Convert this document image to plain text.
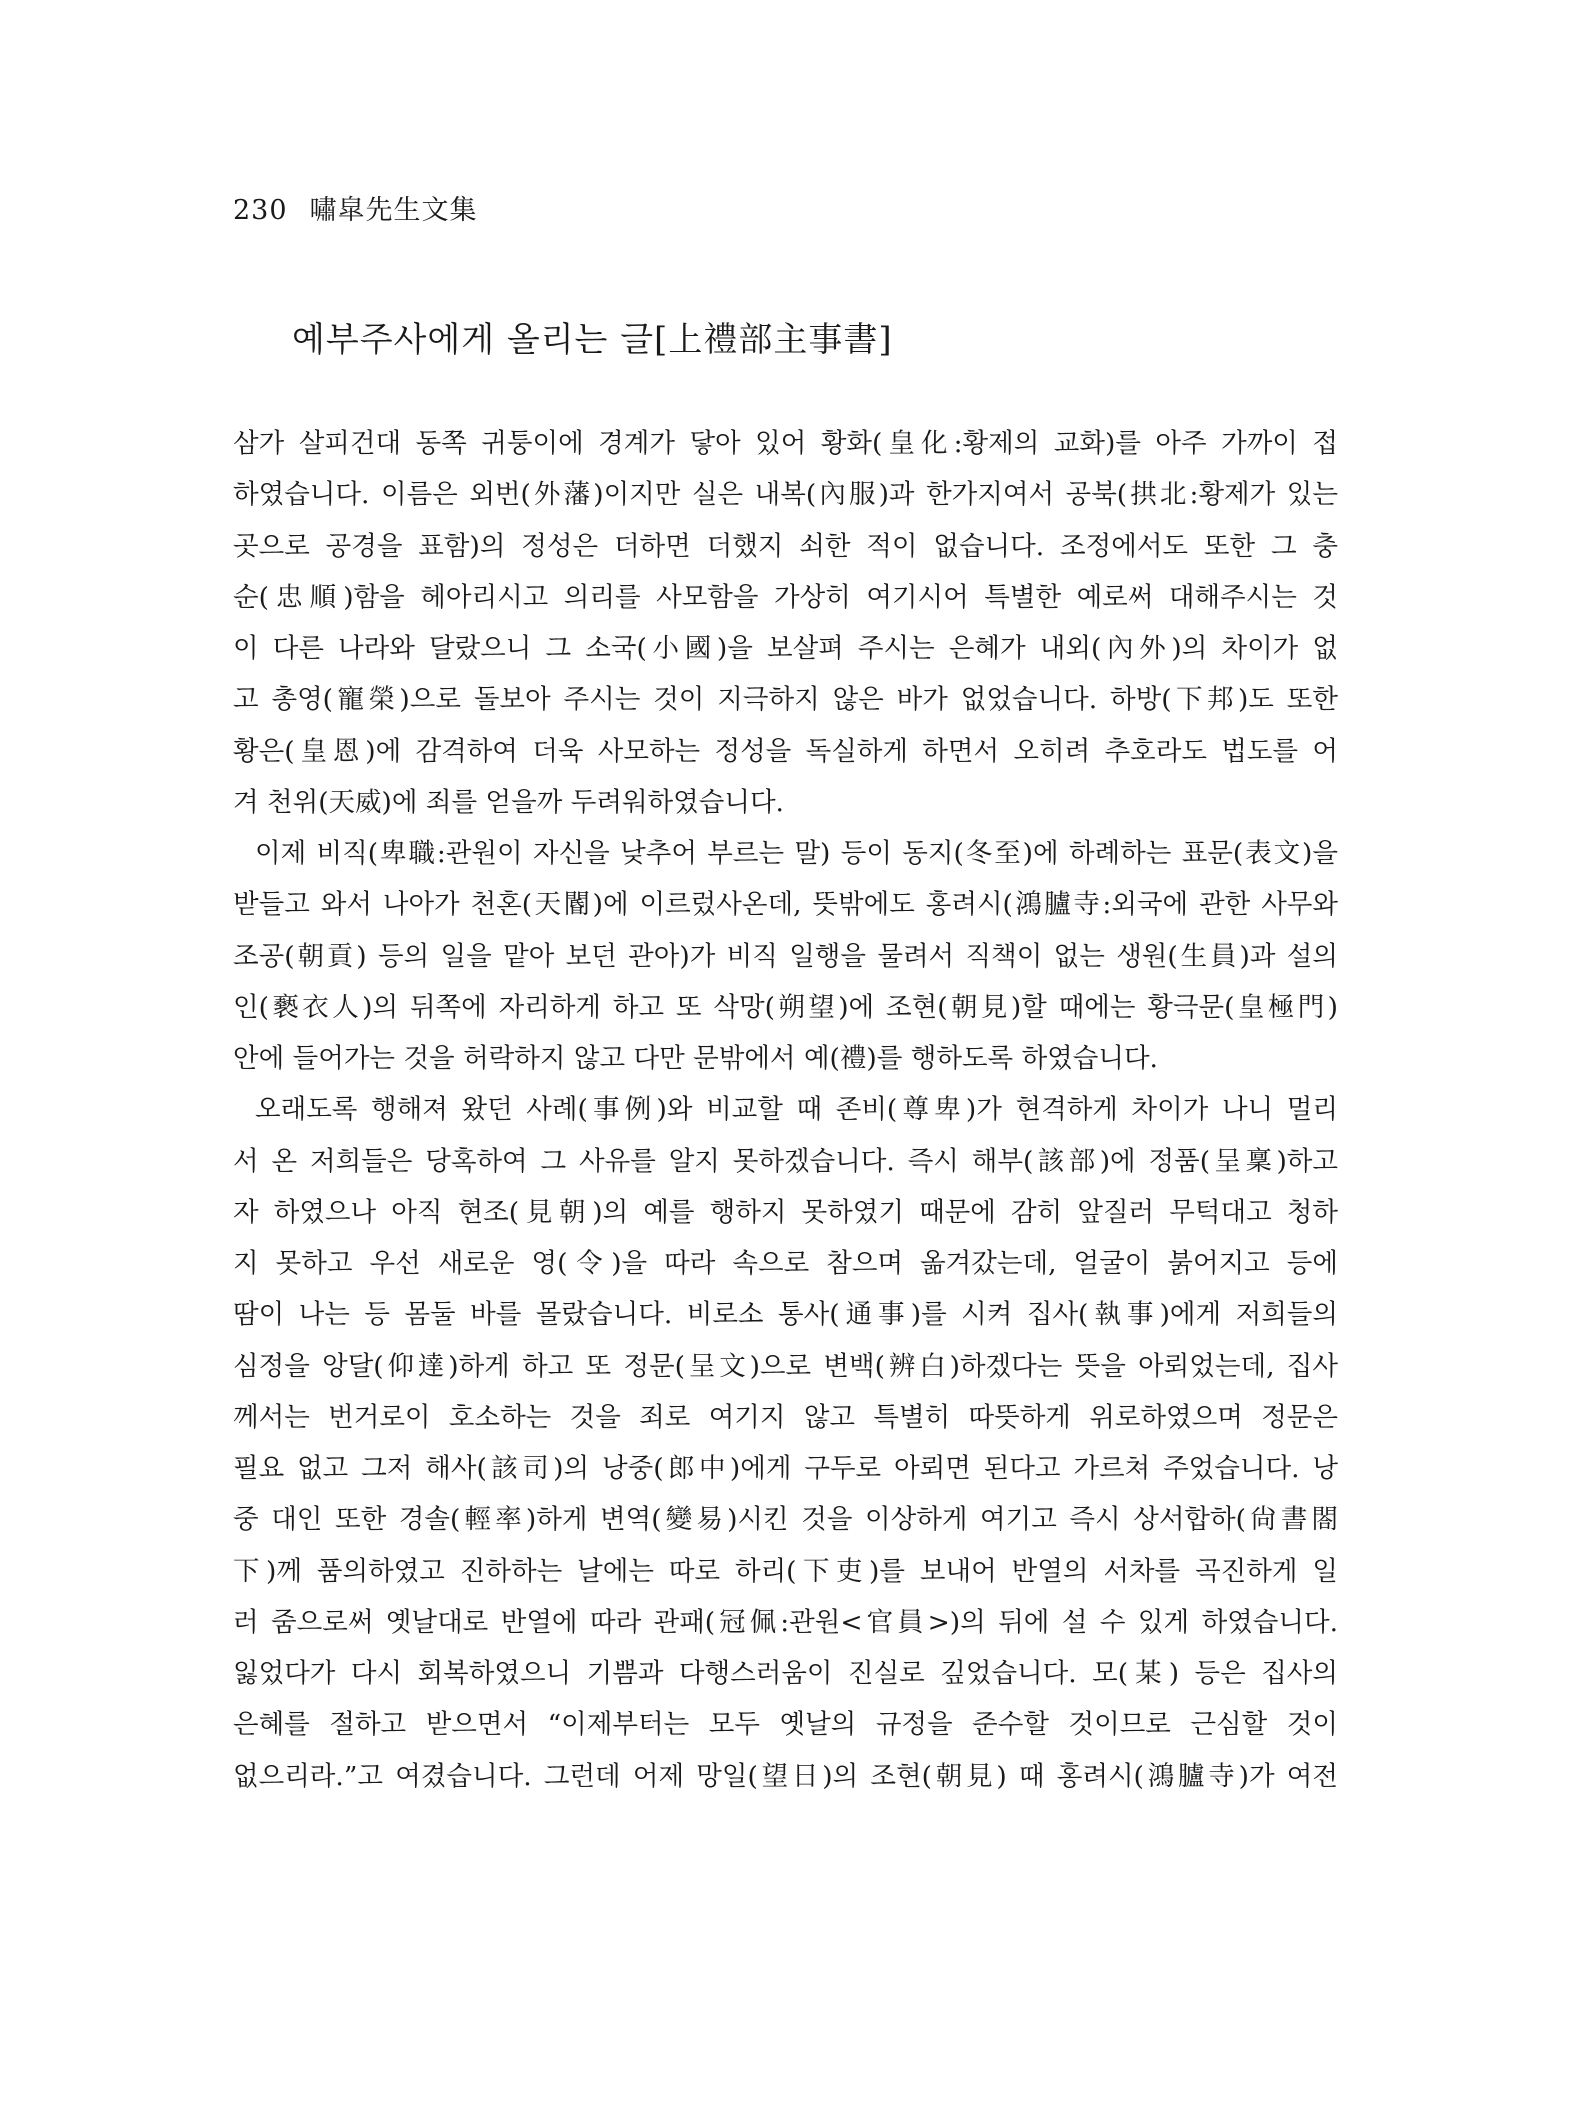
230 嘯皐先生文集
예부주사에게 올리는 글[上禮部主事書]
삼가 살피건대 동쪽 귀퉁이에 경계가 닿아 있어 황화(皇化:황제의 교화)를 아주 가까이 접
하였습니다. 이름은 외번(外藩)이지만 실은 내복(內服)과 한가지여서 공북(拱北:황제가 있는
곳으로 공경을 표함)의 정성은 더하면 더했지 쇠한 적이 없습니다. 조정에서도 또한 그 충
순(忠順)함을 헤아리시고 의리를 사모함을 가상히 여기시어 특별한 예로써 대해주시는 것
이 다른 나라와 달랐으니 그 소국(小國)을 보살펴 주시는 은혜가 내외(內外)의 차이가 없
고 총영(寵榮)으로 돌보아 주시는 것이 지극하지 않은 바가 없었습니다. 하방(下邦)도 또한
황은(皇恩)에 감격하여 더욱 사모하는 정성을 독실하게 하면서 오히려 추호라도 법도를 어
겨 천위(天威)에 죄를 얻을까 두려워하였습니다.
이제 비직(卑職:관원이 자신을 낮추어 부르는 말) 등이 동지(冬至)에 하례하는 표문(表文)을
받들고 와서 나아가 천혼(天閽)에 이르렀사온데, 뜻밖에도 홍려시(鴻臚寺:외국에 관한 사무와
조공(朝貢) 등의 일을 맡아 보던 관아)가 비직 일행을 물려서 직책이 없는 생원(生員)과 설의
인(褻衣人)의 뒤쪽에 자리하게 하고 또 삭망(朔望)에 조현(朝見)할 때에는 황극문(皇極門)
안에 들어가는 것을 허락하지 않고 다만 문밖에서 예(禮)를 행하도록 하였습니다.
오래도록 행해져 왔던 사례(事例)와 비교할 때 존비(尊卑)가 현격하게 차이가 나니 멀리
서 온 저희들은 당혹하여 그 사유를 알지 못하겠습니다. 즉시 해부(該部)에 정품(呈稟)하고
자 하였으나 아직 현조(見朝)의 예를 행하지 못하였기 때문에 감히 앞질러 무턱대고 청하
지 못하고 우선 새로운 영(令)을 따라 속으로 참으며 옮겨갔는데, 얼굴이 붉어지고 등에
땀이 나는 등 몸둘 바를 몰랐습니다. 비로소 통사(通事)를 시켜 집사(執事)에게 저희들의
심정을 앙달(仰達)하게 하고 또 정문(呈文)으로 변백(辨白)하겠다는 뜻을 아뢰었는데, 집사
께서는 번거로이 호소하는 것을 죄로 여기지 않고 특별히 따뜻하게 위로하였으며 정문은
필요 없고 그저 해사(該司)의 낭중(郎中)에게 구두로 아뢰면 된다고 가르쳐 주었습니다. 낭
중 대인 또한 경솔(輕率)하게 변역(變易)시킨 것을 이상하게 여기고 즉시 상서합하(尙書閤
下)께 품의하였고 진하하는 날에는 따로 하리(下吏)를 보내어 반열의 서차를 곡진하게 일
러 줌으로써 옛날대로 반열에 따라 관패(冠佩:관원<官員>)의 뒤에 설 수 있게 하였습니다.
잃었다가 다시 회복하였으니 기쁨과 다행스러움이 진실로 깊었습니다. 모(某) 등은 집사의
은혜를 절하고 받으면서 “이제부터는 모두 옛날의 규정을 준수할 것이므로 근심할 것이
없으리라.”고 여겼습니다. 그런데 어제 망일(望日)의 조현(朝見) 때 홍려시(鴻臚寺)가 여전
